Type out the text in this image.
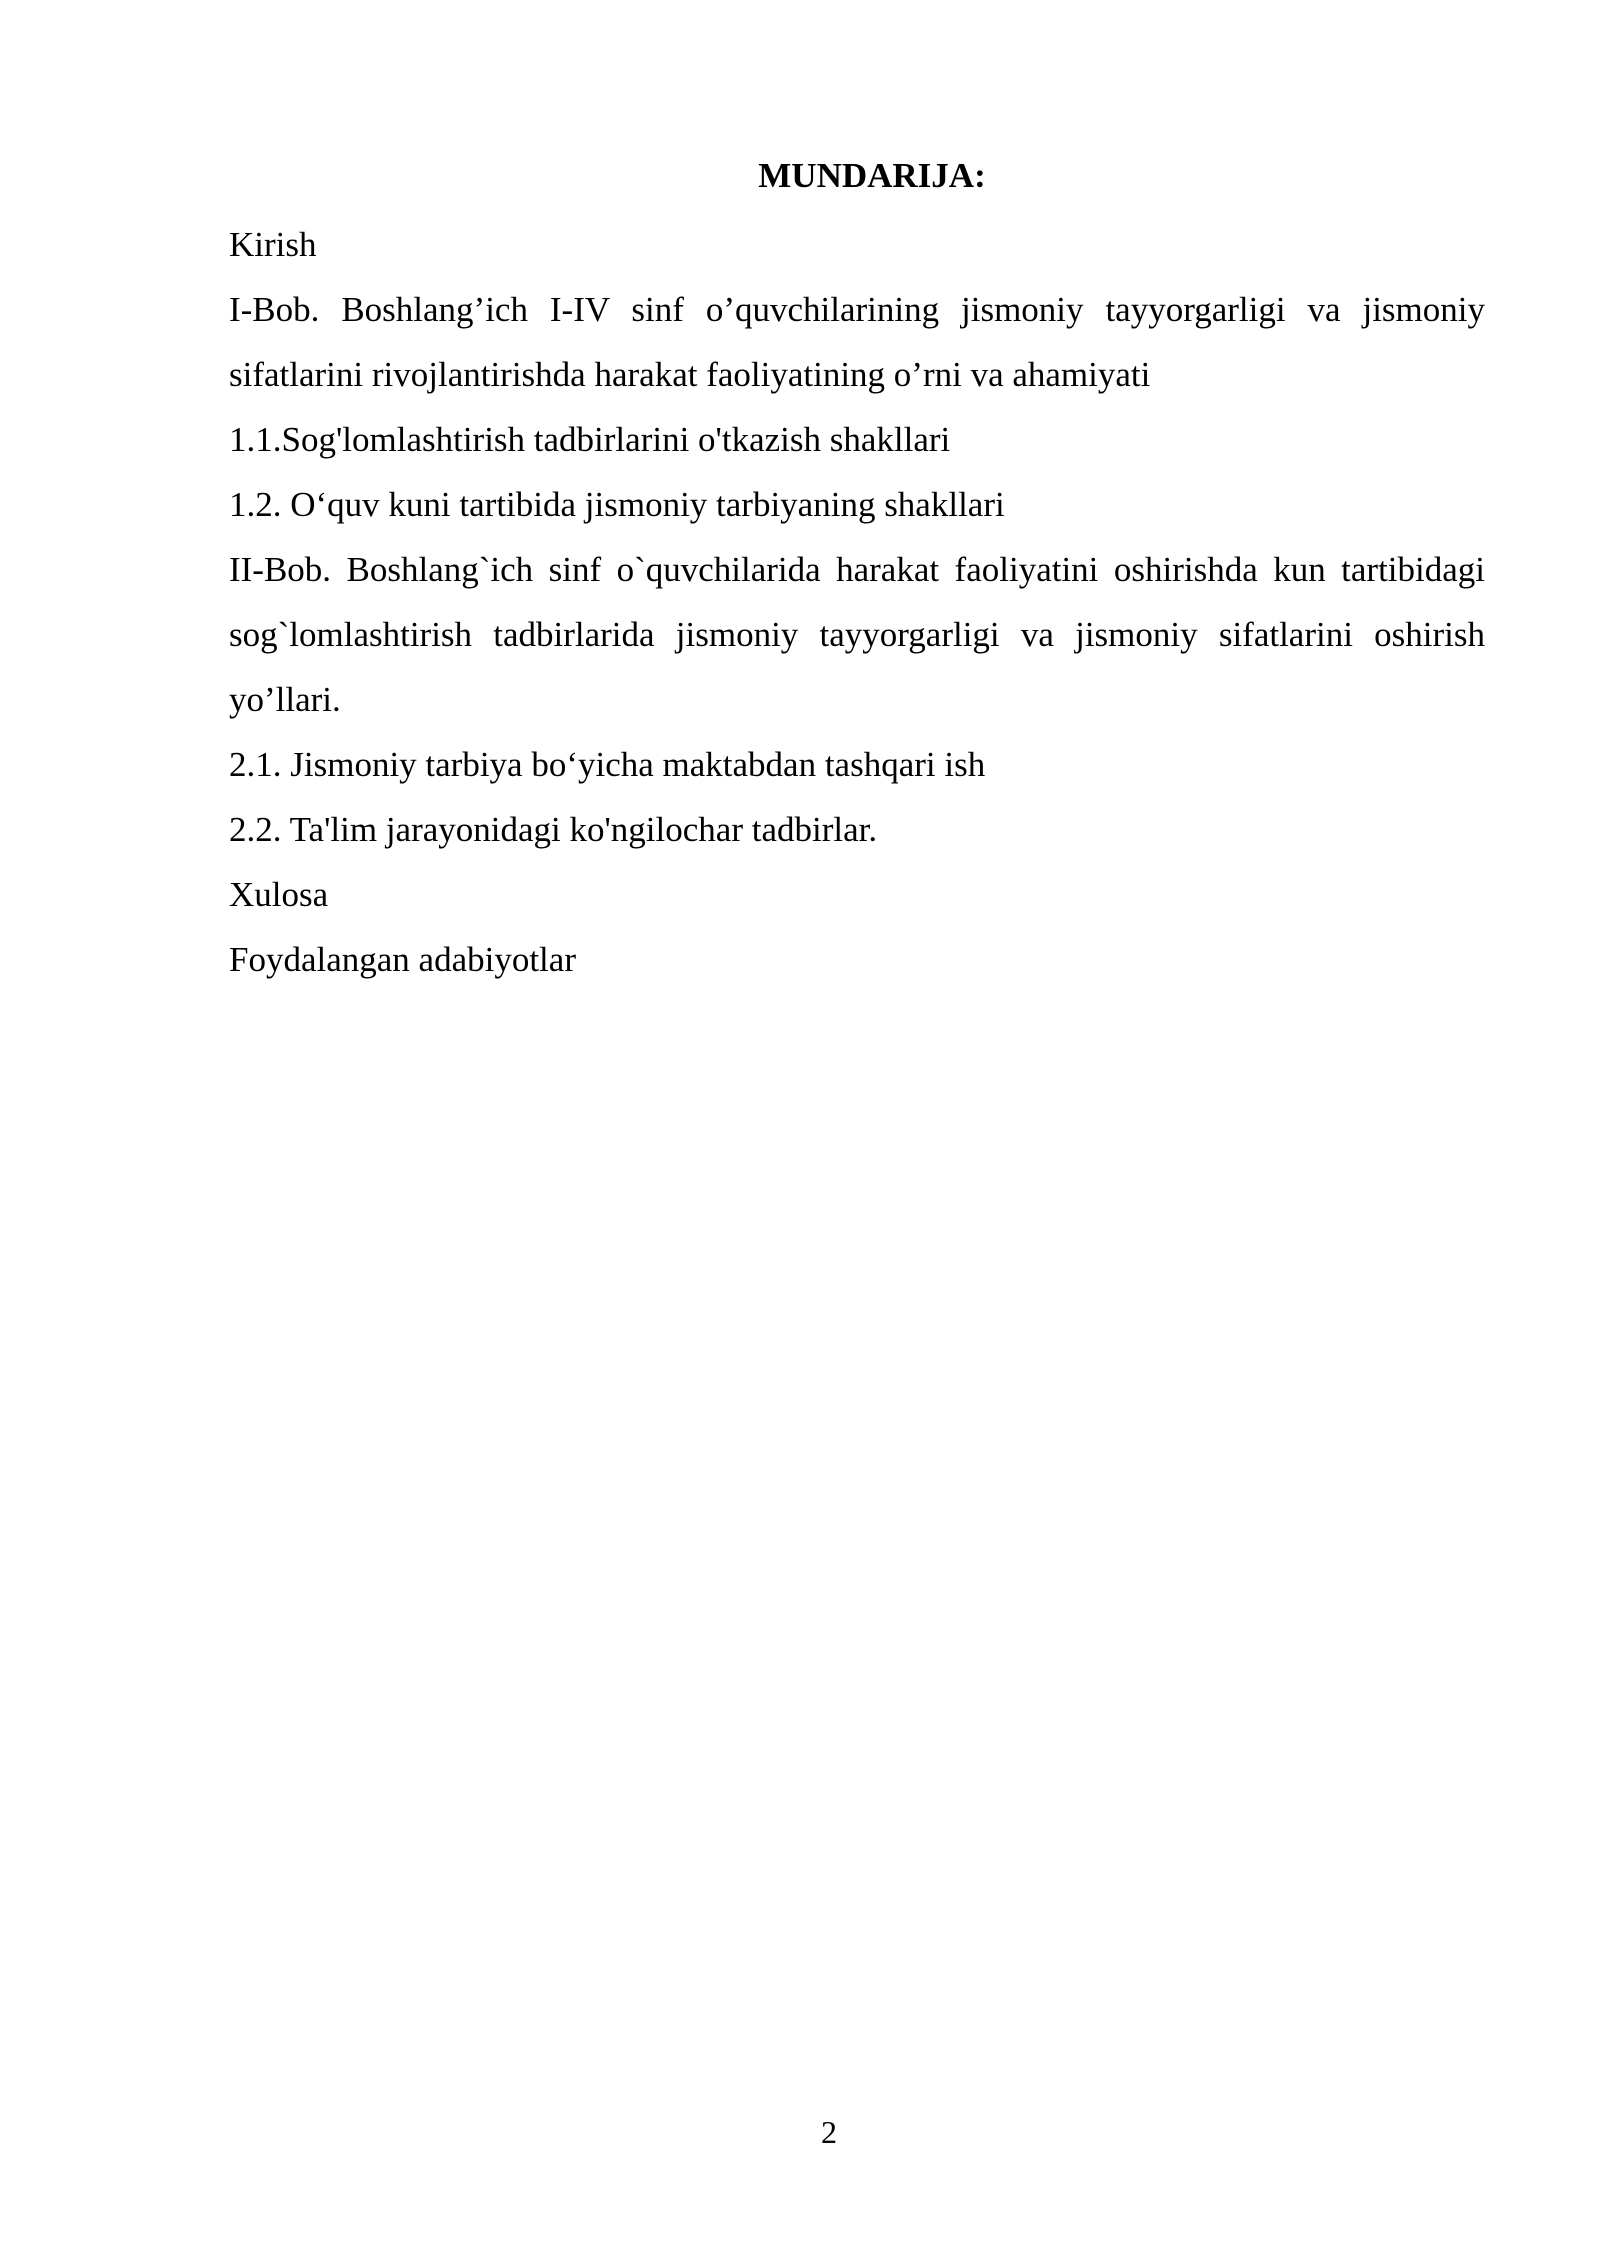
MUNDARIJA:
Kirish
I-Bob. Boshlang’ich I-IV sinf o’quvchilarining jismoniy tayyorgarligi va jismoniy sifatlarini rivojlantirishda harakat faoliyatining o’rni va ahamiyati
1.1.Sog'lomlashtirish tadbirlarini o'tkazish shakllari
1.2. O‘quv kuni tartibida jismoniy tarbiyaning shakllari
II-Bob. Boshlang`ich sinf o`quvchilarida harakat faoliyatini oshirishda kun tartibidagi sog`lomlashtirish tadbirlarida jismoniy tayyorgarligi va jismoniy sifatlarini oshirish yo’llari.
2.1. Jismoniy tarbiya bo‘yicha maktabdan tashqari ish
2.2. Ta'lim jarayonidagi ko'ngilochar tadbirlar.
Xulosa
Foydalangan adabiyotlar
2
